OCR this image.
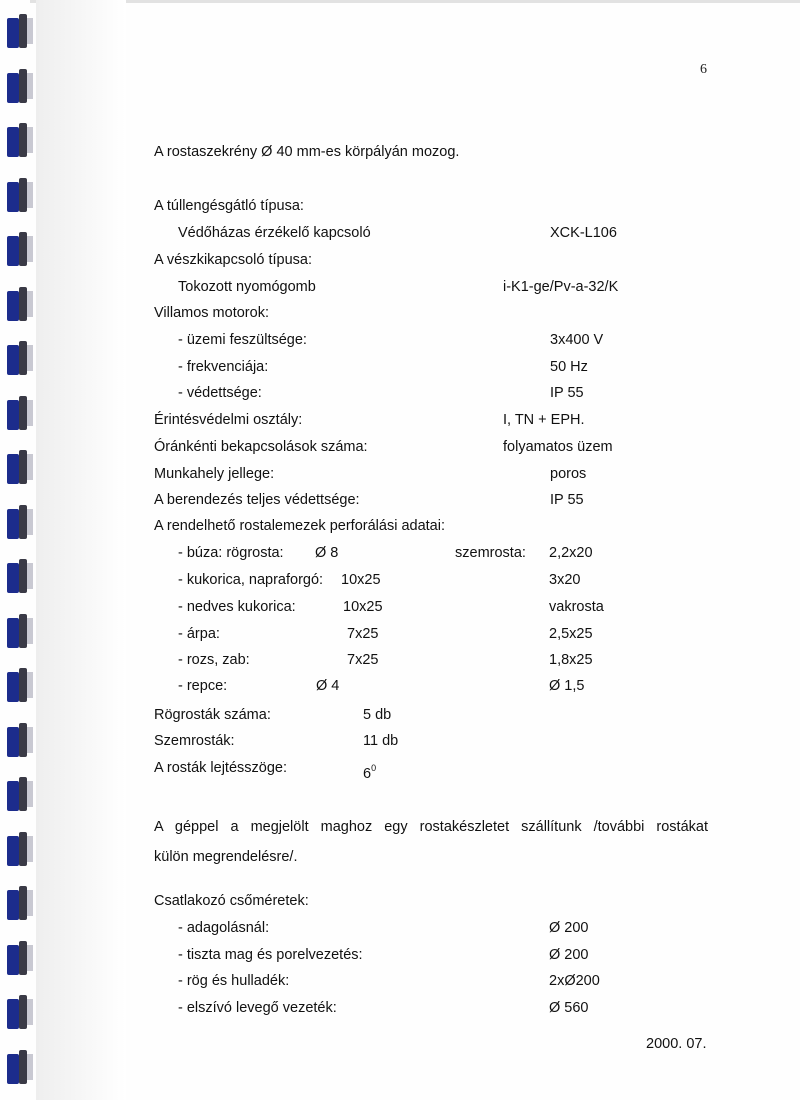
6
A rostaszekrény Ø 40 mm-es körpályán mozog.
A túllengésgátló típusa:
Védőházas érzékelő kapcsoló	XCK-L106
A vészkikapcsoló típusa:
Tokozott nyomógomb	i-K1-ge/Pv-a-32/K
Villamos motorok:
- üzemi feszültsége:	3x400 V
- frekvenciája:	50 Hz
- védettsége:	IP 55
Érintésvédelmi osztály:	I, TN + EPH.
Óránkénti bekapcsolások száma:	folyamatos üzem
Munkahely jellege:	poros
A berendezés teljes védettsége:	IP 55
A rendelhető rostalemezek perforálási adatai:
- búza: rögrosta: Ø 8	szemrosta: 2,2x20
- kukorica, napraforgó: 10x25	3x20
- nedves kukorica:	10x25	vakrosta
- árpa:	7x25	2,5x25
- rozs, zab:	7x25	1,8x25
- repce:	Ø 4	Ø 1,5
Rögrosták száma:	5 db
Szemrosták:	11 db
A rosták lejtésszöge:	$6^0$
A géppel a megjelölt maghoz egy rostakészletet szállítunk /további rostákat
külön megrendelésre/.
Csatlakozó csőméretek:
- adagolásnál:	Ø 200
- tiszta mag és porelvezetés:	Ø 200
- rög és hulladék:	2xØ200
- elszívó levegő vezeték:	Ø 560
2000. 07.
